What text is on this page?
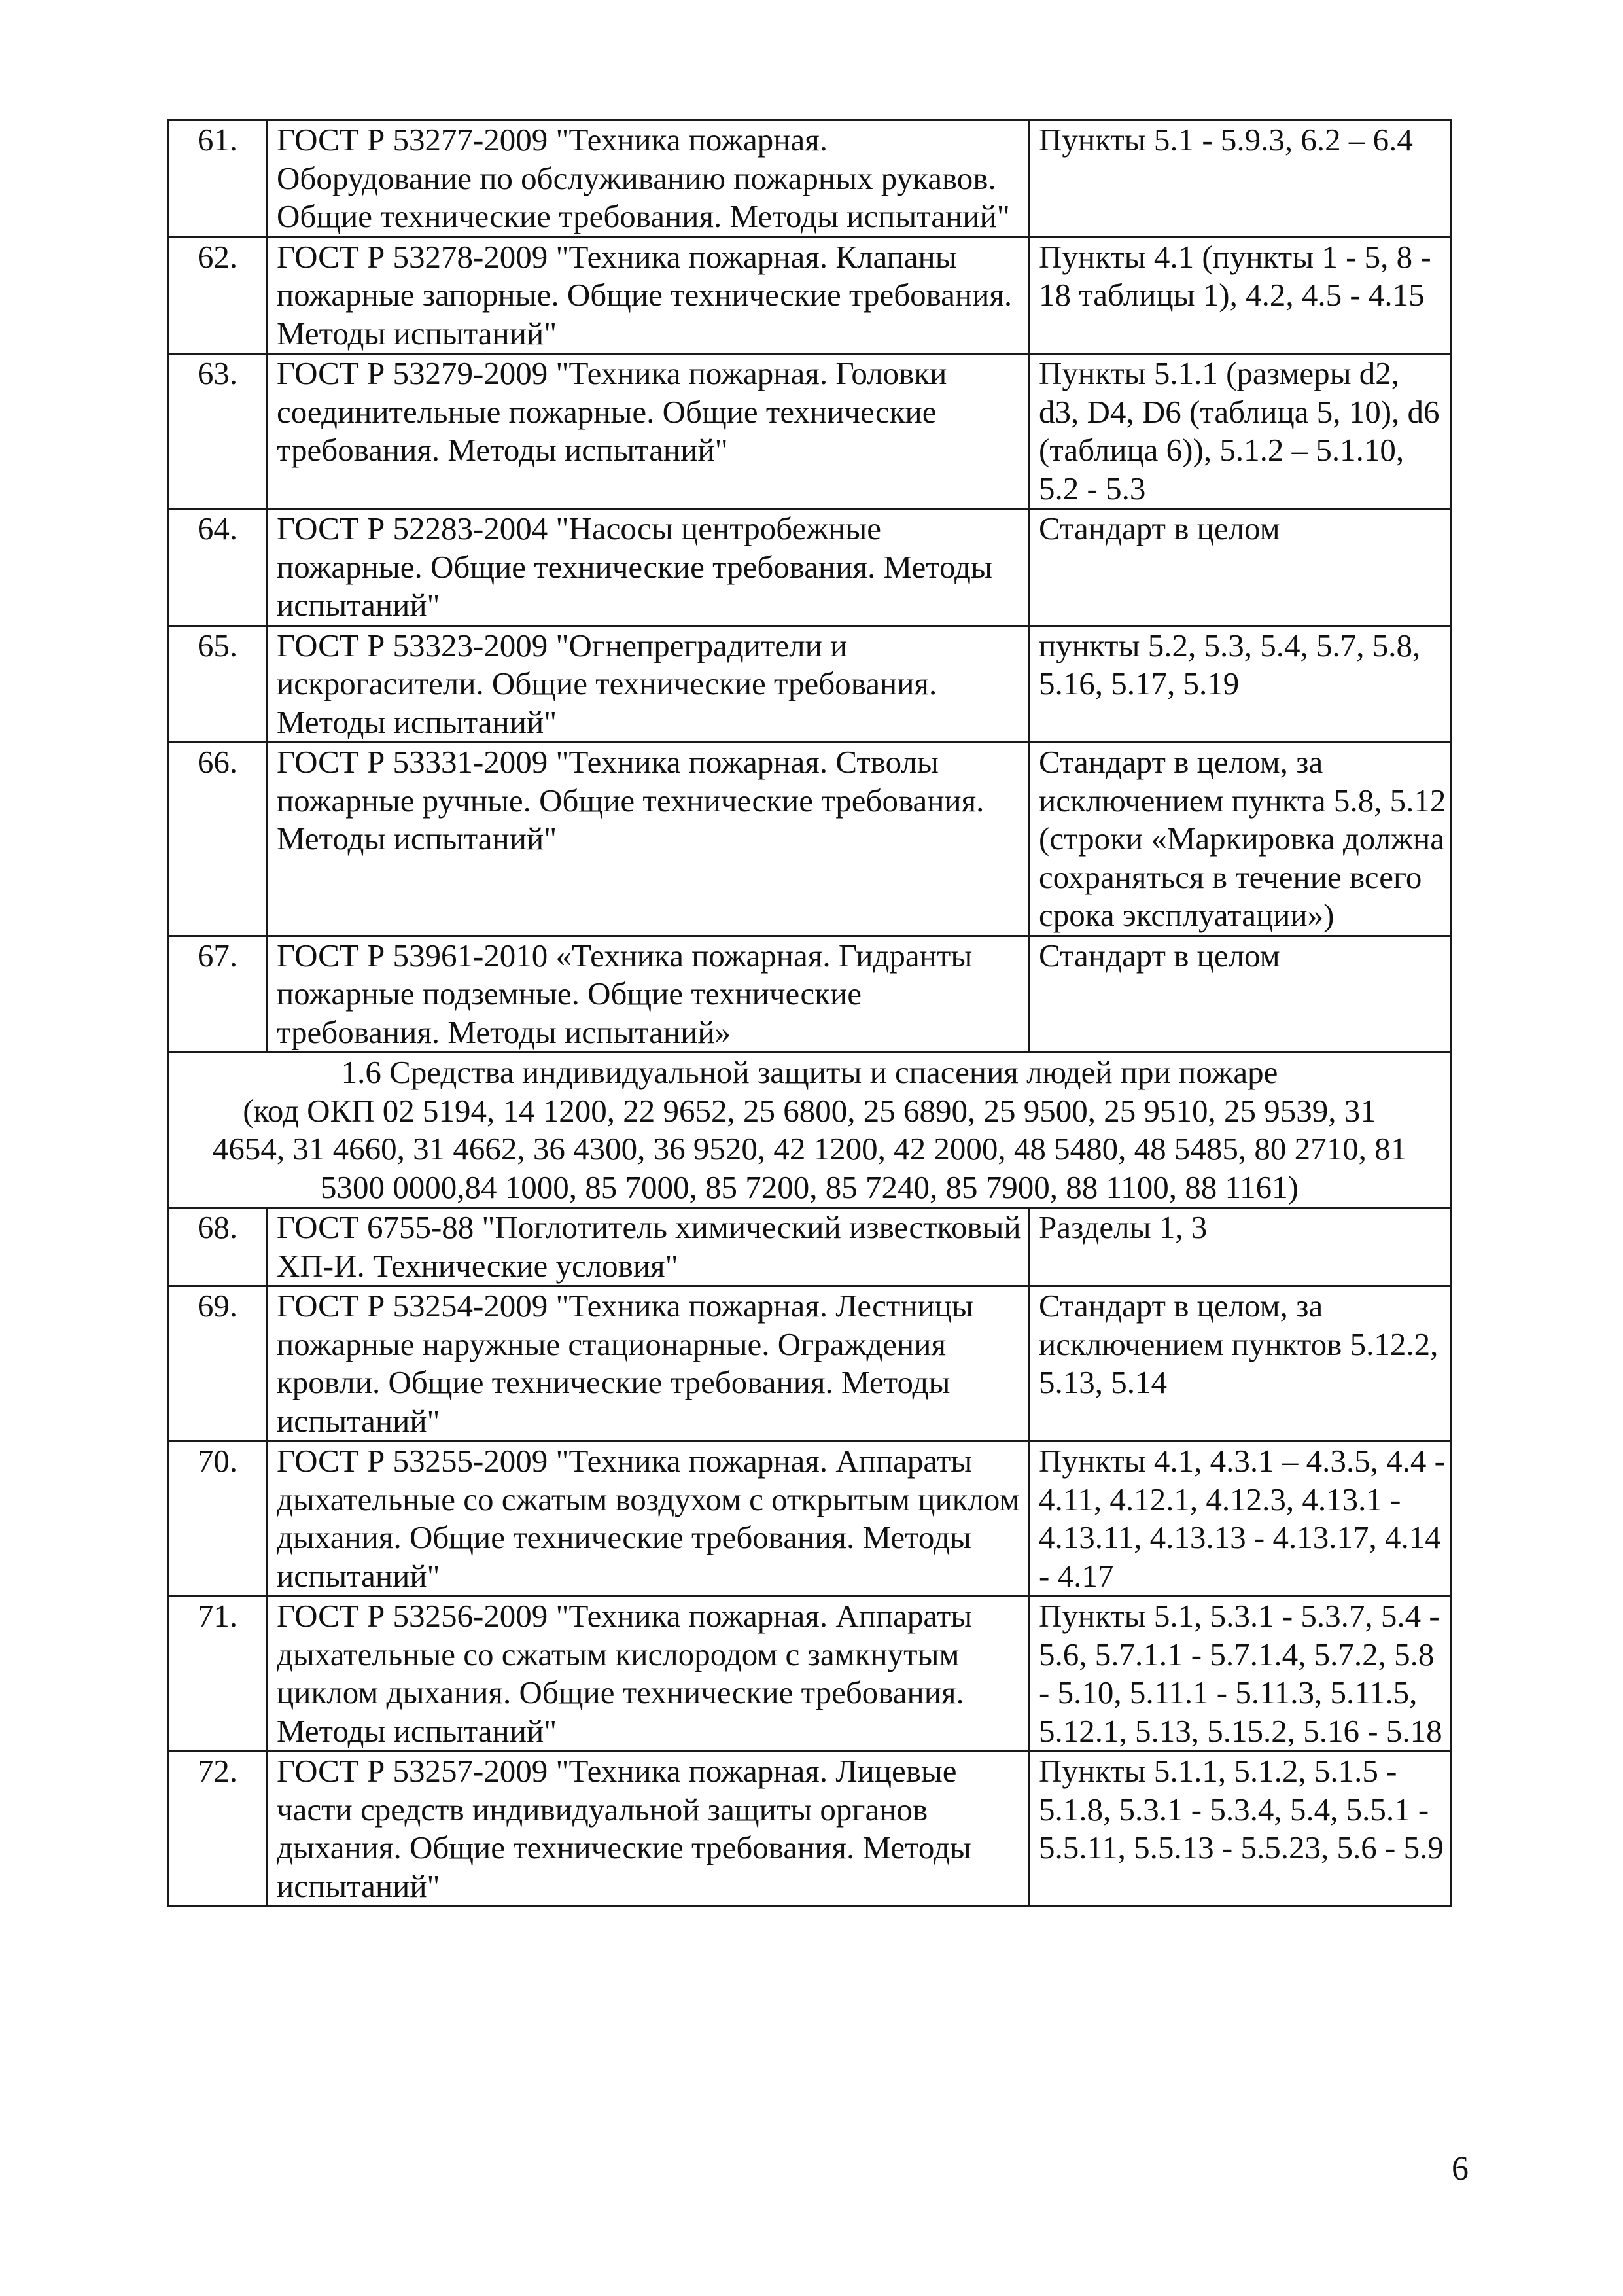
61.	ГОСТ Р 53277-2009 "Техника пожарная. Оборудование по обслуживанию пожарных рукавов. Общие технические требования. Методы испытаний"	Пункты 5.1 - 5.9.3, 6.2 – 6.4
62.	ГОСТ Р 53278-2009 "Техника пожарная. Клапаны пожарные запорные. Общие технические требования. Методы испытаний"	Пункты 4.1 (пункты 1 - 5, 8 - 18 таблицы 1), 4.2, 4.5 - 4.15
63.	ГОСТ Р 53279-2009 "Техника пожарная. Головки соединительные пожарные. Общие технические требования. Методы испытаний"	Пункты 5.1.1 (размеры d2, d3, D4, D6 (таблица 5, 10), d6 (таблица 6)), 5.1.2 – 5.1.10, 5.2 - 5.3
64.	ГОСТ Р 52283-2004 "Насосы центробежные пожарные. Общие технические требования. Методы испытаний"	Стандарт в целом
65.	ГОСТ Р 53323-2009 "Огнепреградители и искрогасители. Общие технические требования. Методы испытаний"	пункты 5.2, 5.3, 5.4, 5.7, 5.8, 5.16, 5.17, 5.19
66.	ГОСТ Р 53331-2009 "Техника пожарная. Стволы пожарные ручные. Общие технические требования. Методы испытаний"	Стандарт в целом, за исключением пункта 5.8, 5.12 (строки «Маркировка должна сохраняться в течение всего срока эксплуатации»)
67.	ГОСТ Р 53961-2010 «Техника пожарная. Гидранты пожарные подземные. Общие технические требования. Методы испытаний»	Стандарт в целом

1.6 Средства индивидуальной защиты и спасения людей при пожаре
(код ОКП 02 5194, 14 1200, 22 9652, 25 6800, 25 6890, 25 9500, 25 9510, 25 9539, 31
4654, 31 4660, 31 4662, 36 4300, 36 9520, 42 1200, 42 2000, 48 5480, 48 5485, 80 2710, 81
5300 0000,84 1000, 85 7000, 85 7200, 85 7240, 85 7900, 88 1100, 88 1161)		

68.	ГОСТ 6755-88 "Поглотитель химический известковый ХП-И. Технические условия"	Разделы 1, 3
69.	ГОСТ Р 53254-2009 "Техника пожарная. Лестницы пожарные наружные стационарные. Ограждения кровли. Общие технические требования. Методы испытаний"	Стандарт в целом, за исключением пунктов 5.12.2, 5.13, 5.14
70.	ГОСТ Р 53255-2009 "Техника пожарная. Аппараты дыхательные со сжатым воздухом с открытым циклом дыхания. Общие технические требования. Методы испытаний"	Пункты 4.1, 4.3.1 – 4.3.5, 4.4 - 4.11, 4.12.1, 4.12.3, 4.13.1 - 4.13.11, 4.13.13 - 4.13.17, 4.14 - 4.17
71.	ГОСТ Р 53256-2009 "Техника пожарная. Аппараты дыхательные со сжатым кислородом с замкнутым циклом дыхания. Общие технические требования. Методы испытаний"	Пункты 5.1, 5.3.1 - 5.3.7, 5.4 - 5.6, 5.7.1.1 - 5.7.1.4, 5.7.2, 5.8 - 5.10, 5.11.1 - 5.11.3, 5.11.5, 5.12.1, 5.13, 5.15.2, 5.16 - 5.18
72.	ГОСТ Р 53257-2009 "Техника пожарная. Лицевые части средств индивидуальной защиты органов дыхания. Общие технические требования. Методы испытаний"	Пункты 5.1.1, 5.1.2, 5.1.5 - 5.1.8, 5.3.1 - 5.3.4, 5.4, 5.5.1 - 5.5.11, 5.5.13 - 5.5.23, 5.6 - 5.9
6
